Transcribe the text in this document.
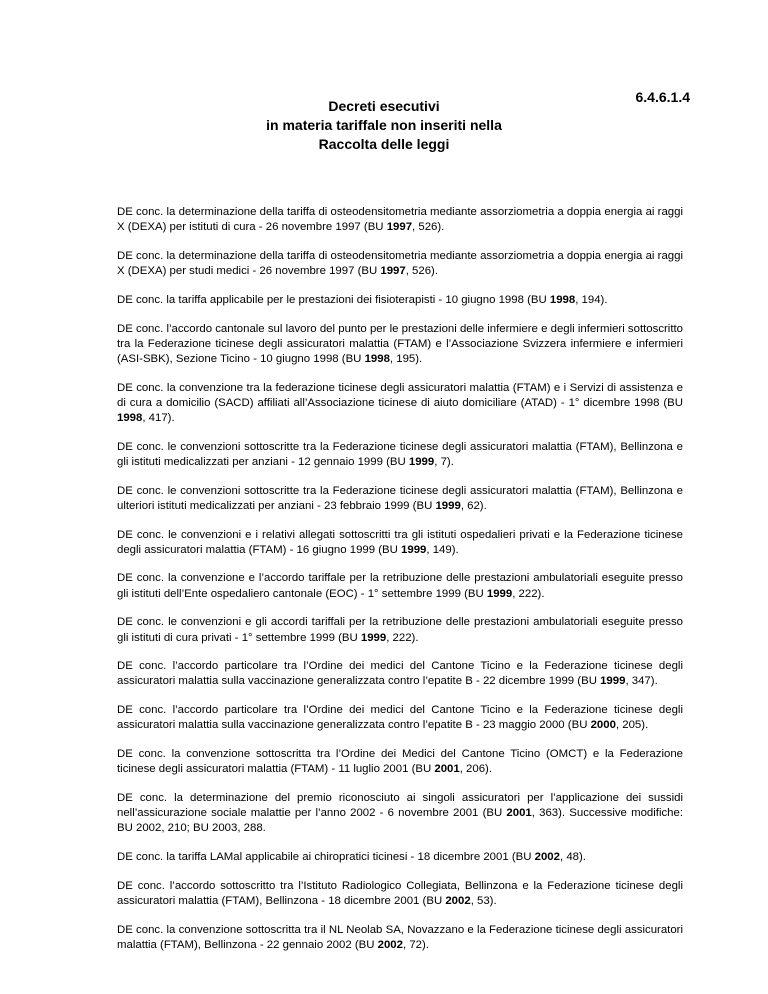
6.4.6.1.4
Decreti esecutivi
in materia tariffale non inseriti nella
Raccolta delle leggi

DE conc. la determinazione della tariffa di osteodensitometria mediante assorziometria a doppia energia ai raggi X (DEXA) per istituti di cura - 26 novembre 1997 (BU 1997, 526).

DE conc. la determinazione della tariffa di osteodensitometria mediante assorziometria a doppia energia ai raggi X (DEXA) per studi medici - 26 novembre 1997 (BU 1997, 526).

DE conc. la tariffa applicabile per le prestazioni dei fisioterapisti - 10 giugno 1998 (BU 1998, 194).

DE conc. l’accordo cantonale sul lavoro del punto per le prestazioni delle infermiere e degli infermieri sottoscritto tra la Federazione ticinese degli assicuratori malattia (FTAM) e l’Associazione Svizzera infermiere e infermieri (ASI-SBK), Sezione Ticino - 10 giugno 1998 (BU 1998, 195).

DE conc. la convenzione tra la federazione ticinese degli assicuratori malattia (FTAM) e i Servizi di assistenza e di cura a domicilio (SACD) affiliati all’Associazione ticinese di aiuto domiciliare (ATAD) - 1° dicembre 1998 (BU 1998, 417).

DE conc. le convenzioni sottoscritte tra la Federazione ticinese degli assicuratori malattia (FTAM), Bellinzona e gli istituti medicalizzati per anziani - 12 gennaio 1999 (BU 1999, 7).

DE conc. le convenzioni sottoscritte tra la Federazione ticinese degli assicuratori malattia (FTAM), Bellinzona e ulteriori istituti medicalizzati per anziani - 23 febbraio 1999 (BU 1999, 62).

DE conc. le convenzioni e i relativi allegati sottoscritti tra gli istituti ospedalieri privati e la Federazione ticinese degli assicuratori malattia (FTAM) - 16 giugno 1999 (BU 1999, 149).

DE conc. la convenzione e l’accordo tariffale per la retribuzione delle prestazioni ambulatoriali eseguite presso gli istituti dell’Ente ospedaliero cantonale (EOC) - 1° settembre 1999 (BU 1999, 222).

DE conc. le convenzioni e gli accordi tariffali per la retribuzione delle prestazioni ambulatoriali eseguite presso gli istituti di cura privati - 1° settembre 1999 (BU 1999, 222).

DE conc. l’accordo particolare tra l’Ordine dei medici del Cantone Ticino e la Federazione ticinese degli assicuratori malattia sulla vaccinazione generalizzata contro l’epatite B - 22 dicembre 1999 (BU 1999, 347).

DE conc. l’accordo particolare tra l’Ordine dei medici del Cantone Ticino e la Federazione ticinese degli assicuratori malattia sulla vaccinazione generalizzata contro l’epatite B - 23 maggio 2000 (BU 2000, 205).

DE conc. la convenzione sottoscritta tra l’Ordine dei Medici del Cantone Ticino (OMCT) e la Federazione ticinese degli assicuratori malattia (FTAM) - 11 luglio 2001 (BU 2001, 206).

DE conc. la determinazione del premio riconosciuto ai singoli assicuratori per l’applicazione dei sussidi nell’assicurazione sociale malattie per l’anno 2002 - 6 novembre 2001 (BU 2001, 363). Successive modifiche: BU 2002, 210; BU 2003, 288.

DE conc. la tariffa LAMal applicabile ai chiropratici ticinesi - 18 dicembre 2001 (BU 2002, 48).

DE conc. l’accordo sottoscritto tra l’Istituto Radiologico Collegiata, Bellinzona e la Federazione ticinese degli assicuratori malattia (FTAM), Bellinzona - 18 dicembre 2001 (BU 2002, 53).

DE conc. la convenzione sottoscritta tra il NL Neolab SA, Novazzano e la Federazione ticinese degli assicuratori malattia (FTAM), Bellinzona - 22 gennaio 2002 (BU 2002, 72).
